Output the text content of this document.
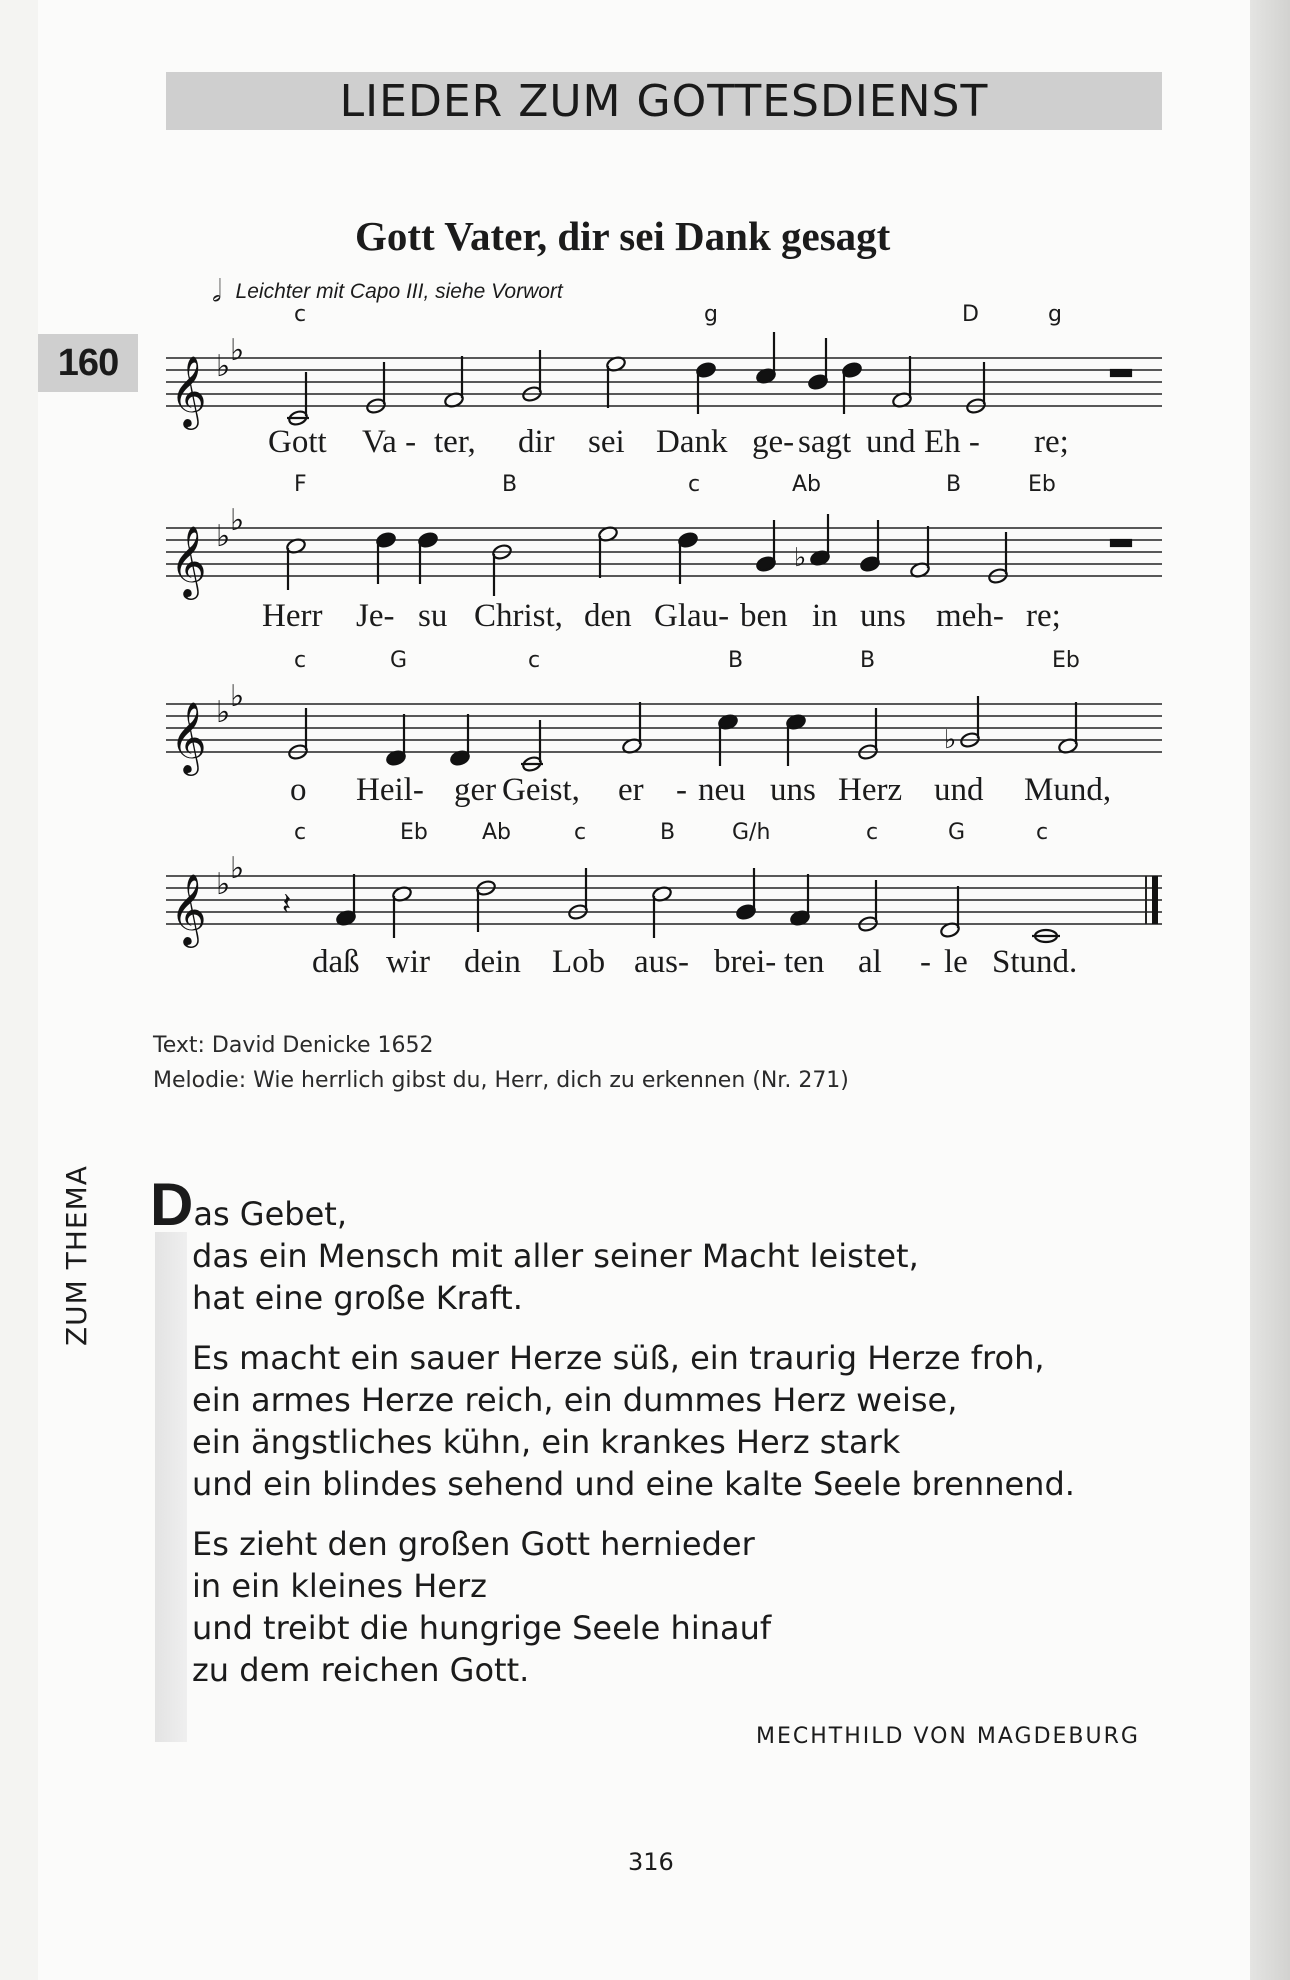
LIEDER ZUM GOTTESDIENST
160
Gott Vater, dir sei Dank gesagt
𝅗𝅥 Leichter mit Capo III, siehe Vorwort
c	g	D	g
𝄞 ♭ ♭
Gott Va - ter, dir sei Dank ge- sagt und Eh - re;
F	B	c	Ab	B	Eb
𝄞 ♭ ♭
♭
Herr Je- su Christ, den Glau- ben in uns meh- re;
c	G	c	B	B	Eb
𝄞 ♭ ♭
♭
o Heil- ger Geist, er - neu uns Herz und Mund,
c	Eb Ab	c	B	G/h	c	G	c
𝄞 ♭ ♭
𝄽
daß wir dein Lob aus- brei- ten al - le Stund.
Text: David Denicke 1652
Melodie: Wie herrlich gibst du, Herr, dich zu erkennen (Nr. 271)
ZUM THEMA D as Gebet,
das ein Mensch mit aller seiner Macht leistet,
hat eine große Kraft.
Es macht ein sauer Herze süß, ein traurig Herze froh,
ein armes Herze reich, ein dummes Herz weise,
ein ängstliches kühn, ein krankes Herz stark
und ein blindes sehend und eine kalte Seele brennend.
Es zieht den großen Gott hernieder
in ein kleines Herz
und treibt die hungrige Seele hinauf
zu dem reichen Gott.
MECHTHILD VON MAGDEBURG
316
